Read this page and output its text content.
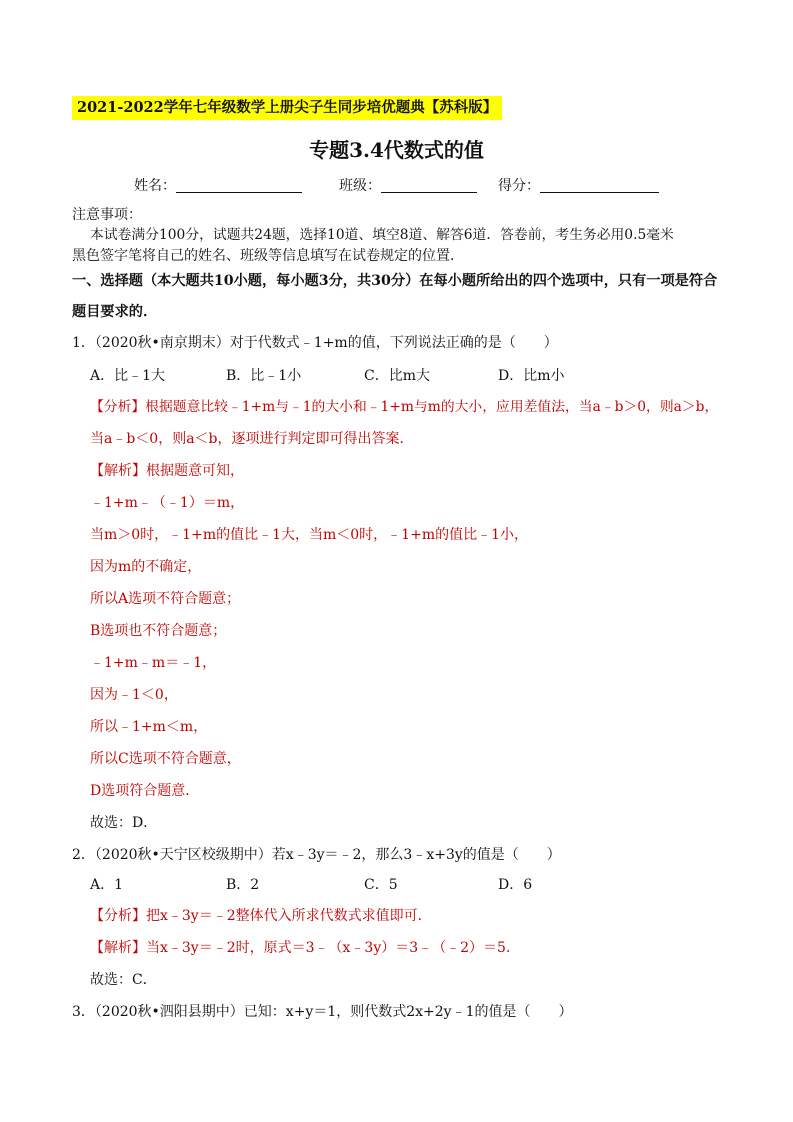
2021-2022学年七年级数学上册尖子生同步培优题典【苏科版】
专题3.4代数式的值
姓名：	班级：	得分：
注意事项：
本试卷满分100分，试题共24题，选择10道、填空8道、解答6道．答卷前，考生务必用0.5毫米
黑色签字笔将自己的姓名、班级等信息填写在试卷规定的位置．
一、选择题（本大题共10小题，每小题3分，共30分）在每小题所给出的四个选项中，只有一项是符合
题目要求的．
1．（2020秋•南京期末）对于代数式﹣1+m的值，下列说法正确的是（　　）
A．比﹣1大	B．比﹣1小	C．比m大	D．比m小
【分析】根据题意比较﹣1+m与﹣1的大小和﹣1+m与m的大小，应用差值法，当a﹣b＞0，则a＞b，
当a﹣b＜0，则a＜b，逐项进行判定即可得出答案．
【解析】根据题意可知，
﹣1+m﹣（﹣1）＝m，
当m＞0时，﹣1+m的值比﹣1大，当m＜0时，﹣1+m的值比﹣1小，
因为m的不确定，
所以A选项不符合题意；
B选项也不符合题意；
﹣1+m﹣m＝﹣1，
因为﹣1＜0，
所以﹣1+m＜m，
所以C选项不符合题意，
D选项符合题意．
故选：D．
2．（2020秋•天宁区校级期中）若x﹣3y＝﹣2，那么3﹣x+3y的值是（　　）
A．1	B．2	C．5	D．6
【分析】把x﹣3y＝﹣2整体代入所求代数式求值即可．
【解析】当x﹣3y＝﹣2时，原式＝3﹣（x﹣3y）＝3﹣（﹣2）＝5．
故选：C．
3．（2020秋•泗阳县期中）已知：x+y＝1，则代数式2x+2y﹣1的值是（　　）
